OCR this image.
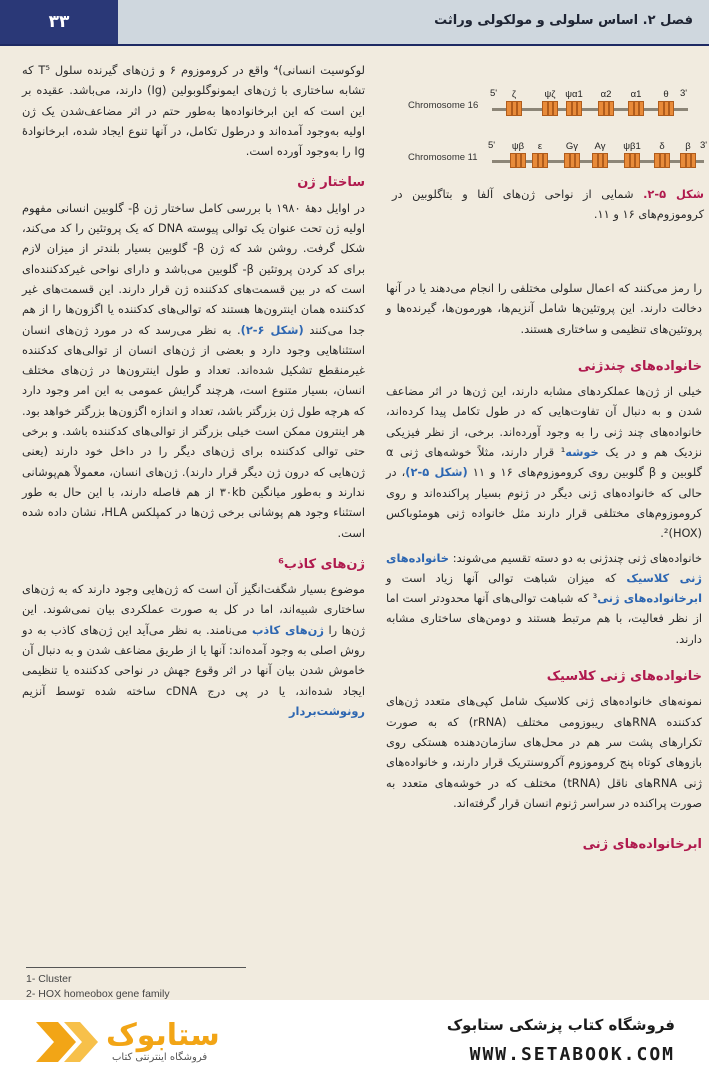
۳۳	فصل ۲. اساس سلولی و مولکولی وراثت
Chromosome 16
5'	3'
ζ	ψζ	ψα1	α2	α1	θ
Chromosome 11
5'	3'
ψβ	ε	Gγ	Aγ	ψβ1	δ	β
شکل ۵-۲. شمایی از نواحی ژن‌های آلفا و بتاگلوبین در کروموزوم‌های ۱۶ و ۱۱.

لوکوسیت انسانی)⁴ واقع در کروموزوم ۶ و ژن‌های گیرنده سلول T⁵ که تشابه ساختاری با ژن‌های ایمونوگلوبولین (Ig) دارند، می‌باشد. عقیده بر این است که این ابرخانواده‌ها به‌طور حتم در اثر مضاعف‌شدن یک ژن اولیه به‌وجود آمده‌اند و درطول تکامل، در آنها تنوع ایجاد شده، ابرخانوادهٔ Ig را به‌وجود آورده است.

ساختار ژن

در اوایل دههٔ ۱۹۸۰ با بررسی کامل ساختار ژن β- گلوبین انسانی مفهوم اولیه ژن تحت عنوان یک توالی پیوسته DNA که یک پروتئین را کد می‌کند، شکل گرفت. روشن شد که ژن β- گلوبین بسیار بلندتر از میزان لازم برای کد کردن پروتئین β- گلوبین می‌باشد و دارای نواحی غیرکدکننده‌ای است که در بین قسمت‌های کدکننده ژن قرار دارند. این قسمت‌های غیر کدکننده همان اینترون‌ها هستند که توالی‌های کدکننده یا اگزون‌ها را از هم جدا می‌کنند (شکل ۶-۲). به نظر می‌رسد که در مورد ژن‌های انسان استثناهایی وجود دارد و بعضی از ژن‌های انسان از توالی‌های کدکننده غیرمنقطع تشکیل شده‌اند. تعداد و طول اینترون‌ها در ژن‌های مختلف انسان، بسیار متنوع است، هرچند گرایش عمومی به این امر وجود دارد که هرچه طول ژن بزرگتر باشد، تعداد و اندازه اگزون‌ها بزرگتر خواهد بود. هر اینترون ممکن است خیلی بزرگتر از توالی‌های کدکننده باشد. و برخی حتی توالی کدکننده برای ژن‌های دیگر را در داخل خود دارند (یعنی ژن‌هایی که درون ژن دیگر قرار دارند). ژن‌های انسان، معمولاً هم‌پوشانی ندارند و به‌طور میانگین ۳۰kb از هم فاصله دارند، با این حال به طور استثناء وجود هم پوشانی برخی ژن‌ها در کمپلکس HLA، نشان داده شده است.

ژن‌های کاذب⁶

موضوع بسیار شگفت‌انگیز آن است که ژن‌هایی وجود دارند که به ژن‌های ساختاری شبیه‌اند، اما در کل به صورت عملکردی بیان نمی‌شوند. این ژن‌ها را ژن‌های کاذب می‌نامند. به نظر می‌آید این ژن‌های کاذب به دو روش اصلی به وجود آمده‌اند: آنها یا از طریق مضاعف شدن و به دنبال آن خاموش شدن بیان آنها در اثر وقوع جهش در نواحی کدکننده یا تنظیمی ایجاد شده‌اند، یا در پی درج cDNA ساخته شده توسط آنزیم رونوشت‌بردار

را رمز می‌کنند که اعمال سلولی مختلفی را انجام می‌دهند یا در آنها دخالت دارند. این پروتئین‌ها شامل آنزیم‌ها، هورمون‌ها، گیرنده‌ها و پروتئین‌های تنظیمی و ساختاری هستند.

خانواده‌های چندژنی

خیلی از ژن‌ها عملکردهای مشابه دارند، این ژن‌ها در اثر مضاعف شدن و به دنبال آن تفاوت‌هایی که در طول تکامل پیدا کرده‌اند، خانواده‌های چند ژنی را به وجود آورده‌اند. برخی، از نظر فیزیکی نزدیک هم و در یک خوشه¹ قرار دارند، مثلاً خوشه‌های ژنی α گلوبین و β گلوبین روی کروموزوم‌های ۱۶ و ۱۱ (شکل ۵-۲)، در حالی که خانواده‌های ژنی دیگر در ژنوم بسیار پراکنده‌اند و روی کروموزوم‌های مختلفی قرار دارند مثل خانواده ژنی هومئوباکس (HOX)².

خانواده‌های ژنی چندژنی به دو دسته تقسیم می‌شوند: خانواده‌های ژنی کلاسیک که میزان شباهت توالی آنها زیاد است و ابرخانواده‌های ژنی³ که شباهت توالی‌های آنها محدودتر است اما از نظر فعالیت، با هم مرتبط هستند و دومن‌های ساختاری مشابه دارند.

خانواده‌های ژنی کلاسیک

نمونه‌های خانواده‌های ژنی کلاسیک شامل کپی‌های متعدد ژن‌های کدکننده RNAهای ریبوزومی مختلف (rRNA) که به صورت تکرارهای پشت سر هم در محل‌های سازمان‌دهنده هستکی روی بازوهای کوتاه پنج کروموزوم آکروسنتریک قرار دارند، و خانواده‌های ژنی RNAهای ناقل (tRNA) مختلف که در خوشه‌های متعدد به صورت پراکنده در سراسر ژنوم انسان قرار گرفته‌اند.

ابرخانواده‌های ژنی
1- Cluster
2- HOX homeobox gene family
ستابوک
فروشگاه اینترنتی کتاب
فروشگاه کتاب پزشکی ستابوک
WWW.SETABOOK.COM
